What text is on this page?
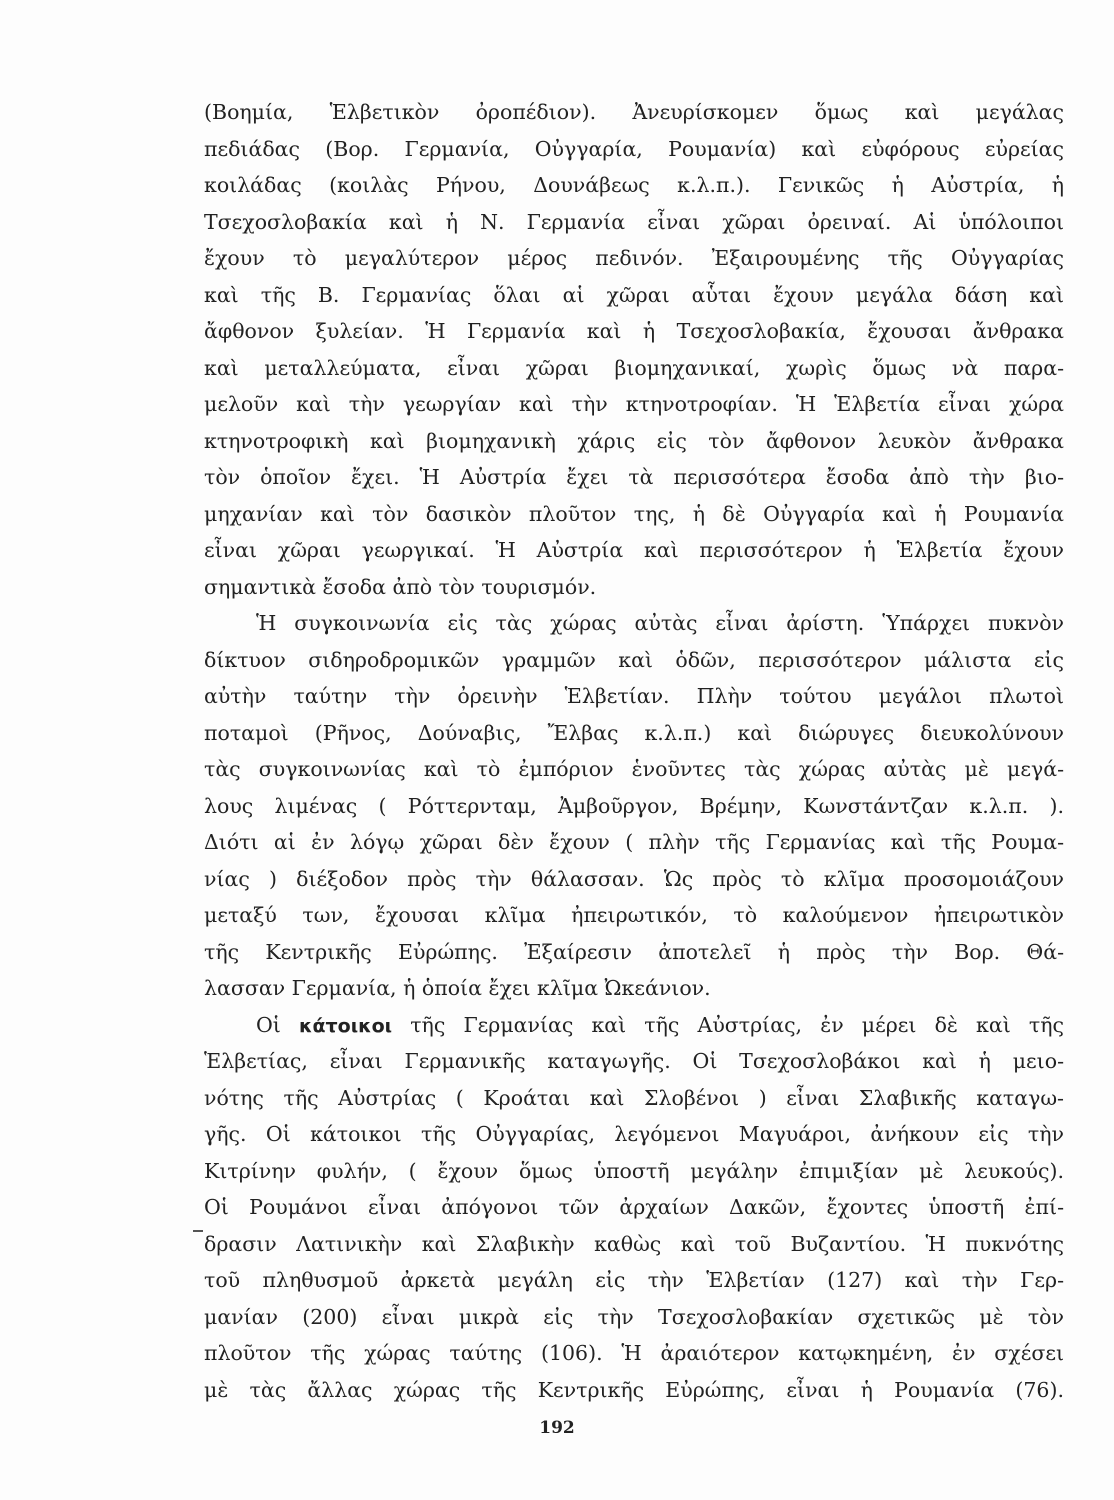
(Βοημία, Ἑλβετικὸν ὀροπέδιον). Ἀνευρίσκομεν ὅμως καὶ μεγάλας
πεδιάδας (Βορ. Γερμανία, Οὐγγαρία, Ρουμανία) καὶ εὐφόρους εὐρείας
κοιλάδας (κοιλὰς Ρήνου, Δουνάβεως κ.λ.π.). Γενικῶς ἡ Αὐστρία, ἡ
Τσεχοσλοβακία καὶ ἡ Ν. Γερμανία εἶναι χῶραι ὀρειναί. Αἱ ὑπόλοιποι
ἔχουν τὸ μεγαλύτερον μέρος πεδινόν. Ἐξαιρουμένης τῆς Οὐγγαρίας
καὶ τῆς Β. Γερμανίας ὅλαι αἱ χῶραι αὗται ἔχουν μεγάλα δάση καὶ
ἄφθονον ξυλείαν. Ἡ Γερμανία καὶ ἡ Τσεχοσλοβακία, ἔχουσαι ἄνθρακα
καὶ μεταλλεύματα, εἶναι χῶραι βιομηχανικαί, χωρὶς ὅμως νὰ παρα-
μελοῦν καὶ τὴν γεωργίαν καὶ τὴν κτηνοτροφίαν. Ἡ Ἑλβετία εἶναι χώρα
κτηνοτροφικὴ καὶ βιομηχανικὴ χάρις εἰς τὸν ἄφθονον λευκὸν ἄνθρακα
τὸν ὁποῖον ἔχει. Ἡ Αὐστρία ἔχει τὰ περισσότερα ἔσοδα ἀπὸ τὴν βιο-
μηχανίαν καὶ τὸν δασικὸν πλοῦτον της, ἡ δὲ Οὐγγαρία καὶ ἡ Ρουμανία
εἶναι χῶραι γεωργικαί. Ἡ Αὐστρία καὶ περισσότερον ἡ Ἑλβετία ἔχουν
σημαντικὰ ἔσοδα ἀπὸ τὸν τουρισμόν.
Ἡ συγκοινωνία εἰς τὰς χώρας αὐτὰς εἶναι ἀρίστη. Ὑπάρχει πυκνὸν
δίκτυον σιδηροδρομικῶν γραμμῶν καὶ ὁδῶν, περισσότερον μάλιστα εἰς
αὐτὴν ταύτην τὴν ὀρεινὴν Ἑλβετίαν. Πλὴν τούτου μεγάλοι πλωτοὶ
ποταμοὶ (Ρῆνος, Δούναβις, Ἔλβας κ.λ.π.) καὶ διώρυγες διευκολύνουν
τὰς συγκοινωνίας καὶ τὸ ἐμπόριον ἑνοῦντες τὰς χώρας αὐτὰς μὲ μεγά-
λους λιμένας ( Ρόττερνταμ, Ἀμβοῦργον, Βρέμην, Κωνστάντζαν κ.λ.π. ).
Διότι αἱ ἐν λόγῳ χῶραι δὲν ἔχουν ( πλὴν τῆς Γερμανίας καὶ τῆς Ρουμα-
νίας ) διέξοδον πρὸς τὴν θάλασσαν. Ὡς πρὸς τὸ κλῖμα προσομοιάζουν
μεταξύ των, ἔχουσαι κλῖμα ἠπειρωτικόν, τὸ καλούμενον ἠπειρωτικὸν
τῆς Κεντρικῆς Εὐρώπης. Ἐξαίρεσιν ἀποτελεῖ ἡ πρὸς τὴν Βορ. Θά-
λασσαν Γερμανία, ἡ ὁποία ἔχει κλῖμα Ὠκεάνιον.
Οἱ κάτοικοι τῆς Γερμανίας καὶ τῆς Αὐστρίας, ἐν μέρει δὲ καὶ τῆς
Ἑλβετίας, εἶναι Γερμανικῆς καταγωγῆς. Οἱ Τσεχοσλοβάκοι καὶ ἡ μειο-
νότης τῆς Αὐστρίας ( Κροάται καὶ Σλοβένοι ) εἶναι Σλαβικῆς καταγω-
γῆς. Οἱ κάτοικοι τῆς Οὐγγαρίας, λεγόμενοι Μαγυάροι, ἀνήκουν εἰς τὴν
Κιτρίνην φυλήν, ( ἔχουν ὅμως ὑποστῆ μεγάλην ἐπιμιξίαν μὲ λευκούς).
Οἱ Ρουμάνοι εἶναι ἀπόγονοι τῶν ἀρχαίων Δακῶν, ἔχοντες ὑποστῆ ἐπί-
δρασιν Λατινικὴν καὶ Σλαβικὴν καθὼς καὶ τοῦ Βυζαντίου. Ἡ πυκνότης
τοῦ πληθυσμοῦ ἀρκετὰ μεγάλη εἰς τὴν Ἑλβετίαν (127) καὶ τὴν Γερ-
μανίαν (200) εἶναι μικρὰ εἰς τὴν Τσεχοσλοβακίαν σχετικῶς μὲ τὸν
πλοῦτον τῆς χώρας ταύτης (106). Ἡ ἀραιότερον κατῳκημένη, ἐν σχέσει
μὲ τὰς ἄλλας χώρας τῆς Κεντρικῆς Εὐρώπης, εἶναι ἡ Ρουμανία (76).
192
